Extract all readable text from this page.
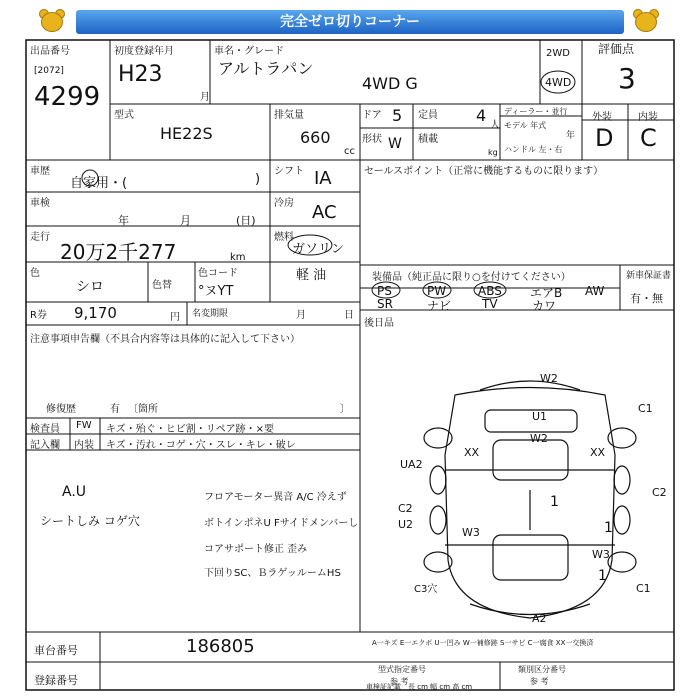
完全ゼロ切りコーナー
出品番号
[2072]
4299
初度登録年月
H23
月
車名・グレード
アルトラパン
4WD G
2WD
4WD
評価点
3
外装	内装
D C
型式
HE22S
排気量
660
cc
ドア 5 定員 4
人
ディーラー・並行
モデル 年式
年
ハンドル 左・右
形状 W 積載
kg
車歴
自家用・(	)
シフト IA	セールスポイント（正常に機能するものに限ります）
車検
年	月	(日)
冷房 AC
走行
20万2千277	km
燃料
ガソリン
軽 油
色
シロ	色替
色コード
°ヌYT
装備品（純正品に限り○を付けてください）
PS	PW	ABS エアB AW
SR	ナビ	TV	カワ
新車保証書
有・無
R券 9,170	円 名変期限	月	日
後日品
注意事項申告欄（不具合内容等は具体的に記入して下さい）
修復歴	有 〔箇所	〕
検査員 FW キズ・殆ぐ・ヒビ割・リペア跡・×要
記入欄 内装 キズ・汚れ・コゲ・穴・スレ・キレ・破レ
A.U
シートしみ コゲ穴
フロアモーター異音 A/C 冷えず
ボトインポネU Fサイドメンバーし
コアサポート修正 歪み
下回りSC、ＢラゲッルームHS
W2
U1
W2
C1
XX	XX
UA2
C2
C2
U2
W3	1
1
W3
1
C3穴	C1
A2
A一キズ E一エクボ U一凹み W一補修跡 S一サビ C一腐食 XX一交換済
車台番号	186805
登録番号
型式指定番号
参 考
類別区分番号
参 考
車検証記載 長 cm 幅 cm 高 cm
